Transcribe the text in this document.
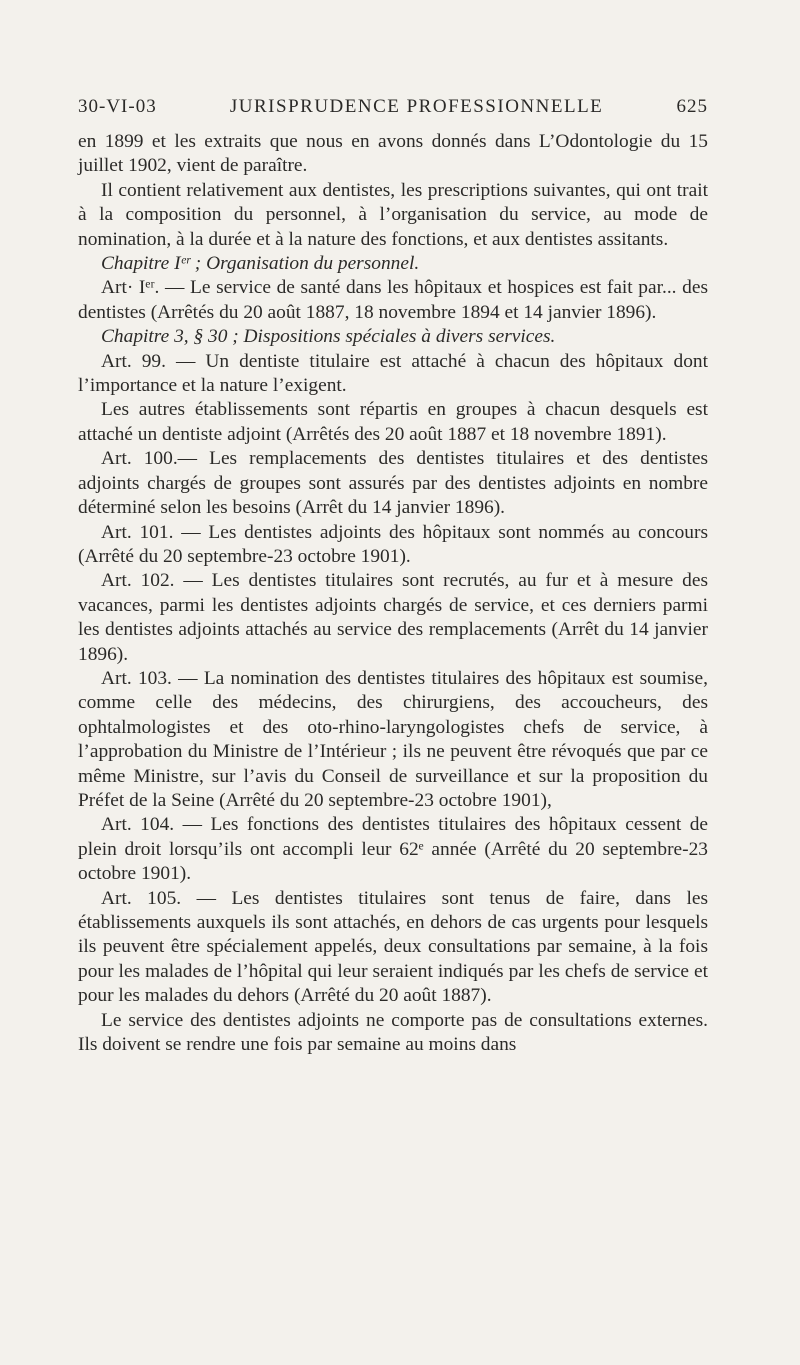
30-VI-03	JURISPRUDENCE PROFESSIONNELLE	625

en 1899 et les extraits que nous en avons donnés dans L’Odontologie du 15 juillet 1902, vient de paraître.

Il contient relativement aux dentistes, les prescriptions suivantes, qui ont trait à la composition du personnel, à l’organisation du service, au mode de nomination, à la durée et à la nature des fonctions, et aux dentistes assitants.

Chapitre Iᵉʳ ; Organisation du personnel.

Art· Iᵉʳ. — Le service de santé dans les hôpitaux et hospices est fait par... des dentistes (Arrêtés du 20 août 1887, 18 novembre 1894 et 14 janvier 1896).

Chapitre 3, § 30 ; Dispositions spéciales à divers services.

Art. 99. — Un dentiste titulaire est attaché à chacun des hôpitaux dont l’importance et la nature l’exigent.

Les autres établissements sont répartis en groupes à chacun desquels est attaché un dentiste adjoint (Arrêtés des 20 août 1887 et 18 novembre 1891).

Art. 100.— Les remplacements des dentistes titulaires et des dentistes adjoints chargés de groupes sont assurés par des dentistes adjoints en nombre déterminé selon les besoins (Arrêt du 14 janvier 1896).

Art. 101. — Les dentistes adjoints des hôpitaux sont nommés au concours (Arrêté du 20 septembre-23 octobre 1901).

Art. 102. — Les dentistes titulaires sont recrutés, au fur et à mesure des vacances, parmi les dentistes adjoints chargés de service, et ces derniers parmi les dentistes adjoints attachés au service des remplacements (Arrêt du 14 janvier 1896).

Art. 103. — La nomination des dentistes titulaires des hôpitaux est soumise, comme celle des médecins, des chirurgiens, des accoucheurs, des ophtalmologistes et des oto-rhino-laryngologistes chefs de service, à l’approbation du Ministre de l’Intérieur ; ils ne peuvent être révoqués que par ce même Ministre, sur l’avis du Conseil de surveillance et sur la proposition du Préfet de la Seine (Arrêté du 20 septembre-23 octobre 1901),

Art. 104. — Les fonctions des dentistes titulaires des hôpitaux cessent de plein droit lorsqu’ils ont accompli leur 62ᵉ année (Arrêté du 20 septembre-23 octobre 1901).

Art. 105. — Les dentistes titulaires sont tenus de faire, dans les établissements auxquels ils sont attachés, en dehors de cas urgents pour lesquels ils peuvent être spécialement appelés, deux consultations par semaine, à la fois pour les malades de l’hôpital qui leur seraient indiqués par les chefs de service et pour les malades du dehors (Arrêté du 20 août 1887).

Le service des dentistes adjoints ne comporte pas de consultations externes. Ils doivent se rendre une fois par semaine au moins dans
